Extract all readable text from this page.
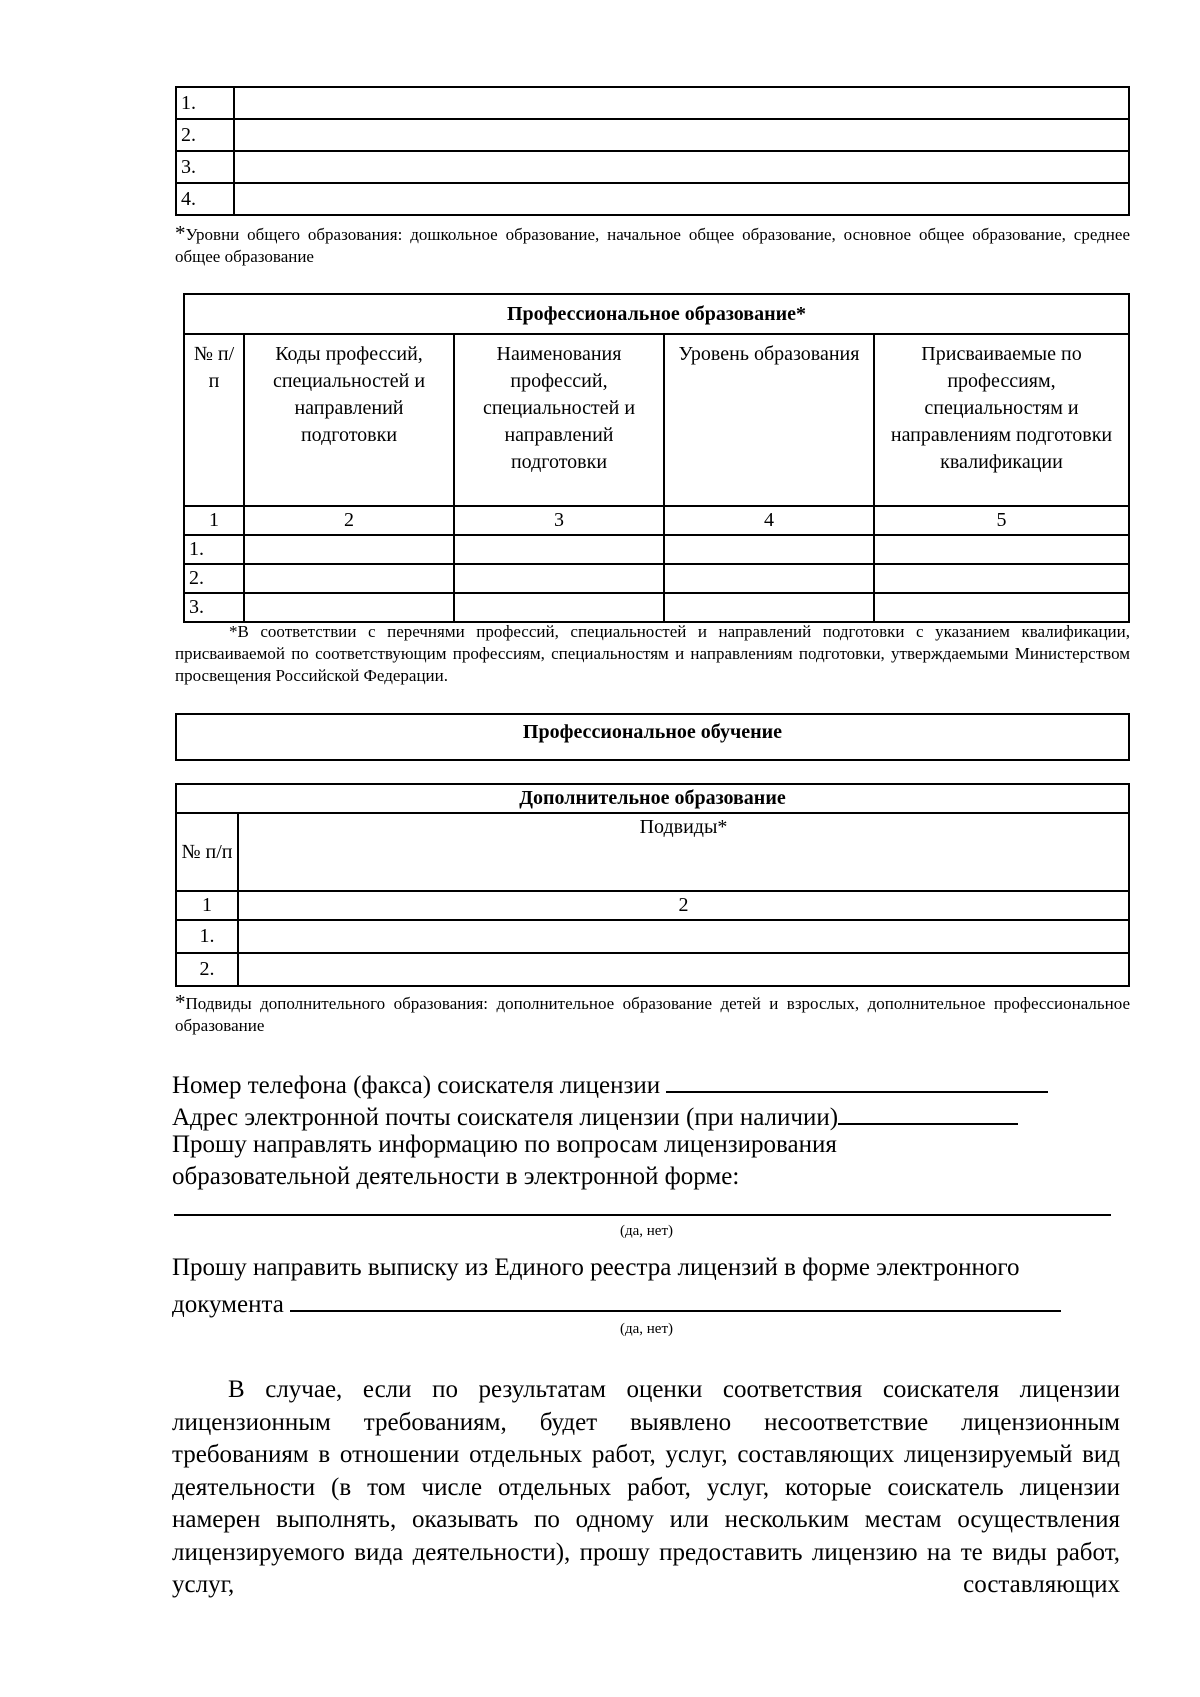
1.	
2.	
3.	
4.	
*Уровни общего образования: дошкольное образование, начальное общее образование, основное общее образование, среднее общее образование
Профессиональное образование*				
№ п/п	Коды профессий, специальностей и направлений подготовки	Наименования профессий, специальностей и направлений подготовки	Уровень образования	Присваиваемые по профессиям, специальностям и направлениям подготовки квалификации
1	2	3	4	5
1.				
2.				
3.				
*В соответствии с перечнями профессий, специальностей и направлений подготовки с указанием квалификации, присваиваемой по соответствующим профессиям, специальностям и направлениям подготовки, утверждаемыми Министерством просвещения Российской Федерации.
Профессиональное обучение
Дополнительное образование	
№ п/п	Подвиды*
1	2
1.	
2.	
*Подвиды дополнительного образования: дополнительное образование детей и взрослых, дополнительное профессиональное образование
Номер телефона (факса) соискателя лицензии
Адрес электронной почты соискателя лицензии (при наличии)
Прошу направлять информацию по вопросам лицензирования
образовательной деятельности в электронной форме:
(да, нет)
Прошу направить выписку из Единого реестра лицензий в форме электронного
документа
(да, нет)
В случае, если по результатам оценки соответствия соискателя лицензии лицензионным требованиям, будет выявлено несоответствие лицензионным требованиям в отношении отдельных работ, услуг, составляющих лицензируемый вид деятельности (в том числе отдельных работ, услуг, которые соискатель лицензии намерен выполнять, оказывать по одному или нескольким местам осуществления лицензируемого вида деятельности), прошу предоставить лицензию на те виды работ, услуг, составляющих
